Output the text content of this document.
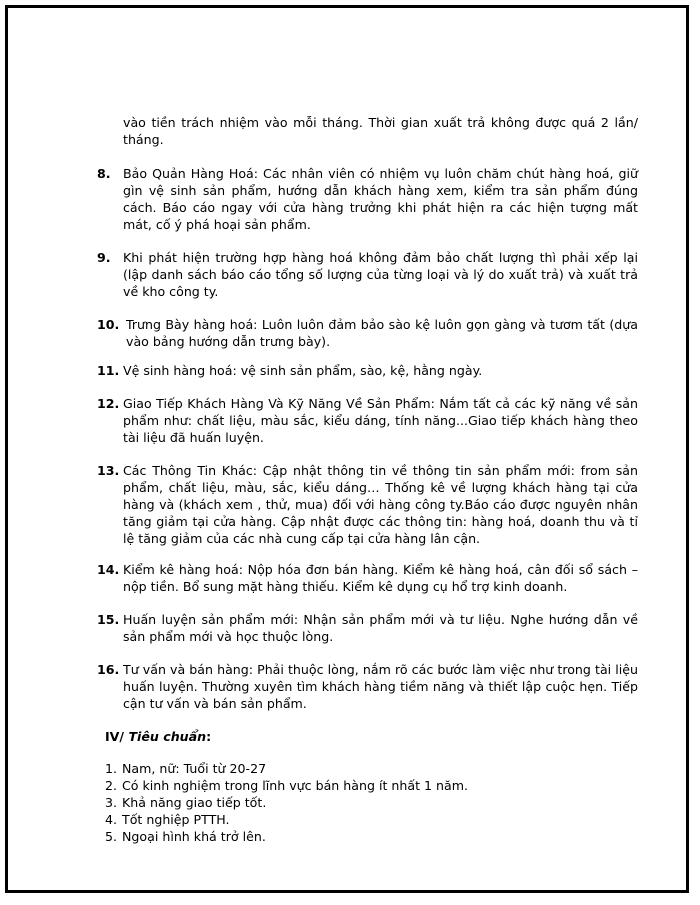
vào tiền trách nhiệm vào mỗi tháng. Thời gian xuất trả không được quá 2 lần/ tháng.
8. Bảo Quản Hàng Hoá: Các nhân viên có nhiệm vụ luôn chăm chút hàng hoá, giữ gìn vệ sinh sản phẩm, hướng dẫn khách hàng xem, kiểm tra sản phẩm đúng cách. Báo cáo ngay với cửa hàng trưởng khi phát hiện ra các hiện tượng mất mát, cố ý phá hoại sản phẩm.
9. Khi phát hiện trường hợp hàng hoá không đảm bảo chất lượng thì phải xếp lại (lập danh sách báo cáo tổng số lượng của từng loại và lý do xuất trả) và xuất trả về kho công ty.
10. Trưng Bày hàng hoá: Luôn luôn đảm bảo sào kệ luôn gọn gàng và tươm tất (dựa vào bảng hướng dẫn trưng bày).
11. Vệ sinh hàng hoá: vệ sinh sản phẩm, sào, kệ, hằng ngày.
12. Giao Tiếp Khách Hàng Và Kỹ Năng Về Sản Phẩm: Nắm tất cả các kỹ năng về sản phẩm như: chất liệu, màu sắc, kiểu dáng, tính năng...Giao tiếp khách hàng theo tài liệu đã huấn luyện.
13. Các Thông Tin Khác: Cập nhật thông tin về thông tin sản phẩm mới: from sản phẩm, chất liệu, màu, sắc, kiểu dáng… Thống kê về lượng khách hàng tại cửa hàng và (khách xem , thử, mua) đối với hàng công ty.Báo cáo được nguyên nhân tăng giảm tại cửa hàng. Cập nhật được các thông tin: hàng hoá, doanh thu và tỉ lệ tăng giảm của các nhà cung cấp tại cửa hàng lân cận.
14. Kiểm kê hàng hoá: Nộp hóa đơn bán hàng. Kiểm kê hàng hoá, cân đối sổ sách – nộp tiền. Bổ sung mặt hàng thiếu. Kiểm kê dụng cụ hổ trợ kinh doanh.
15. Huấn luyện sản phẩm mới: Nhận sản phẩm mới và tư liệu. Nghe hướng dẫn về sản phẩm mới và học thuộc lòng.
16. Tư vấn và bán hàng: Phải thuộc lòng, nắm rõ các bước làm việc như trong tài liệu huấn luyện. Thường xuyên tìm khách hàng tiềm năng và thiết lập cuộc hẹn. Tiếp cận tư vấn và bán sản phẩm.
IV/ Tiêu chuẩn:
1. Nam, nữ: Tuổi từ 20-27
2. Có kinh nghiệm trong lĩnh vực bán hàng ít nhất 1 năm.
3. Khả năng giao tiếp tốt.
4. Tốt nghiệp PTTH.
5. Ngoại hình khá trở lên.
